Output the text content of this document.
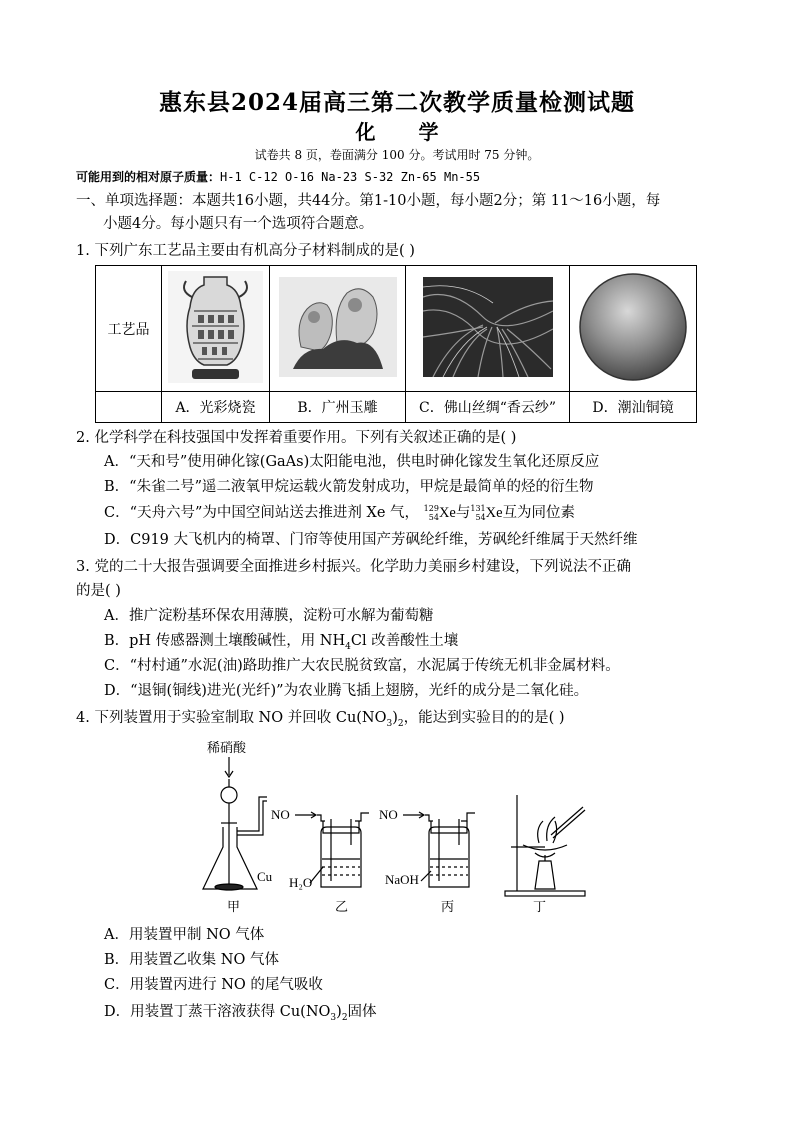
惠东县2024届高三第二次教学质量检测试题
化 学
试卷共 8 页，卷面满分 100 分。考试用时 75 分钟。
可能用到的相对原子质量：H-1 C-12 O-16 Na-23 S-32 Zn-65 Mn-55
一、单项选择题：本题共16小题，共44分。第1-10小题，每小题2分；第 11～16小题，每
小题4分。每小题只有一个选项符合题意。
1. 下列广东工艺品主要由有机高分子材料制成的是( )
工艺品				
	A．光彩烧瓷	B．广州玉雕	C．佛山丝绸“香云纱”	D．潮汕铜镜
2. 化学科学在科技强国中发挥着重要作用。下列有关叙述正确的是( )
A．“天和号”使用砷化镓(GaAs)太阳能电池，供电时砷化镓发生氧化还原反应
B．“朱雀二号”遥二液氧甲烷运载火箭发射成功，甲烷是最简单的烃的衍生物
C．“天舟六号”为中国空间站送去推进剂 Xe 气， 129
54Xe与131
54Xe互为同位素
D．C919 大飞机内的椅罩、门帘等使用国产芳砜纶纤维，芳砜纶纤维属于天然纤维
3. 党的二十大报告强调要全面推进乡村振兴。化学助力美丽乡村建设，下列说法不正确
的是( )
A．推广淀粉基环保农用薄膜，淀粉可水解为葡萄糖
B．pH 传感器测土壤酸碱性，用 $NH_4Cl$ 改善酸性土壤
C．“村村通”水泥(油)路助推广大农民脱贫致富，水泥属于传统无机非金属材料。
D．“退铜(铜线)进光(光纤)”为农业腾飞插上翅膀，光纤的成分是二氧化硅。
4. 下列装置用于实验室制取 NO 并回收 $Cu(NO_3)_2$，能达到实验目的的是( )
稀硝酸
Cu
NO	NO
H₂O	NaOH
甲	乙	丙	丁
A．用装置甲制 NO 气体
B．用装置乙收集 NO 气体
C．用装置丙进行 NO 的尾气吸收
D．用装置丁蒸干溶液获得 $Cu(NO_3)_2$固体
